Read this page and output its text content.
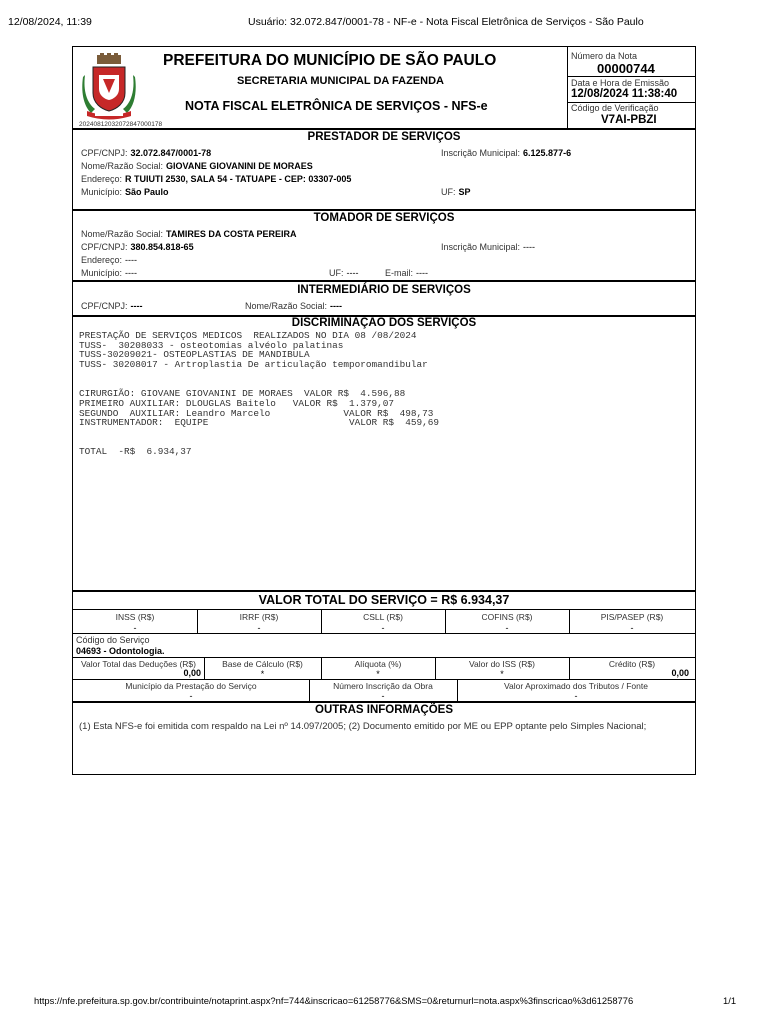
12/08/2024, 11:39	Usuário: 32.072.847/0001-78 - NF-e - Nota Fiscal Eletrônica de Serviços - São Paulo
20240812032072847000178
PREFEITURA DO MUNICÍPIO DE SÃO PAULO
SECRETARIA MUNICIPAL DA FAZENDA
NOTA FISCAL ELETRÔNICA DE SERVIÇOS - NFS-e
Número da Nota
00000744
Data e Hora de Emissão
12/08/2024 11:38:40
Código de Verificação
V7AI-PBZI
PRESTADOR DE SERVIÇOS
CPF/CNPJ: 32.072.847/0001-78	Inscrição Municipal: 6.125.877-6
Nome/Razão Social: GIOVANE GIOVANINI DE MORAES
Endereço: R TUIUTI 2530, SALA 54 - TATUAPE - CEP: 03307-005
Município: São Paulo	UF: SP
TOMADOR DE SERVIÇOS
Nome/Razão Social: TAMIRES DA COSTA PEREIRA
CPF/CNPJ: 380.854.818-65	Inscrição Municipal: ----
Endereço: ----
Município: ----	UF: ----	E-mail: ----
INTERMEDIÁRIO DE SERVIÇOS
CPF/CNPJ: ----	Nome/Razão Social: ----
DISCRIMINAÇÃO DOS SERVIÇOS
PRESTAÇÃO DE SERVIÇOS MEDICOS  REALIZADOS NO DIA 08 /08/2024
TUSS-  30208033 - osteotomias alvéolo palatinas
TUSS-30209021- OSTEOPLASTIAS DE MANDIBULA
TUSS- 30208017 - Artroplastia De articulação temporomandibular

CIRURGIÃO: GIOVANE GIOVANINI DE MORAES  VALOR R$  4.596,88
PRIMEIRO AUXILIAR: DLOUGLAS Baitelo   VALOR R$  1.379,07
SEGUNDO  AUXILIAR: Leandro Marcelo             VALOR R$  498,73
INSTRUMENTADOR:  EQUIPE                         VALOR R$  459,69

TOTAL  -R$  6.934,37
VALOR TOTAL DO SERVIÇO = R$ 6.934,37
INSS (R$)
-
IRRF (R$)
-
CSLL (R$)
-
COFINS (R$)
-
PIS/PASEP (R$)
-
Código do Serviço
04693 - Odontologia.
Valor Total das Deduções (R$)
0,00
Base de Cálculo (R$)
*
Alíquota (%)
*
Valor do ISS (R$)
*
Crédito (R$)
0,00
Município da Prestação do Serviço
-
Número Inscrição da Obra
-
Valor Aproximado dos Tributos / Fonte
-
OUTRAS INFORMAÇÕES
(1) Esta NFS-e foi emitida com respaldo na Lei nº 14.097/2005; (2) Documento emitido por ME ou EPP optante pelo Simples Nacional;
https://nfe.prefeitura.sp.gov.br/contribuinte/notaprint.aspx?nf=744&inscricao=61258776&SMS=0&returnurl=nota.aspx%3finscricao%3d61258776	1/1
